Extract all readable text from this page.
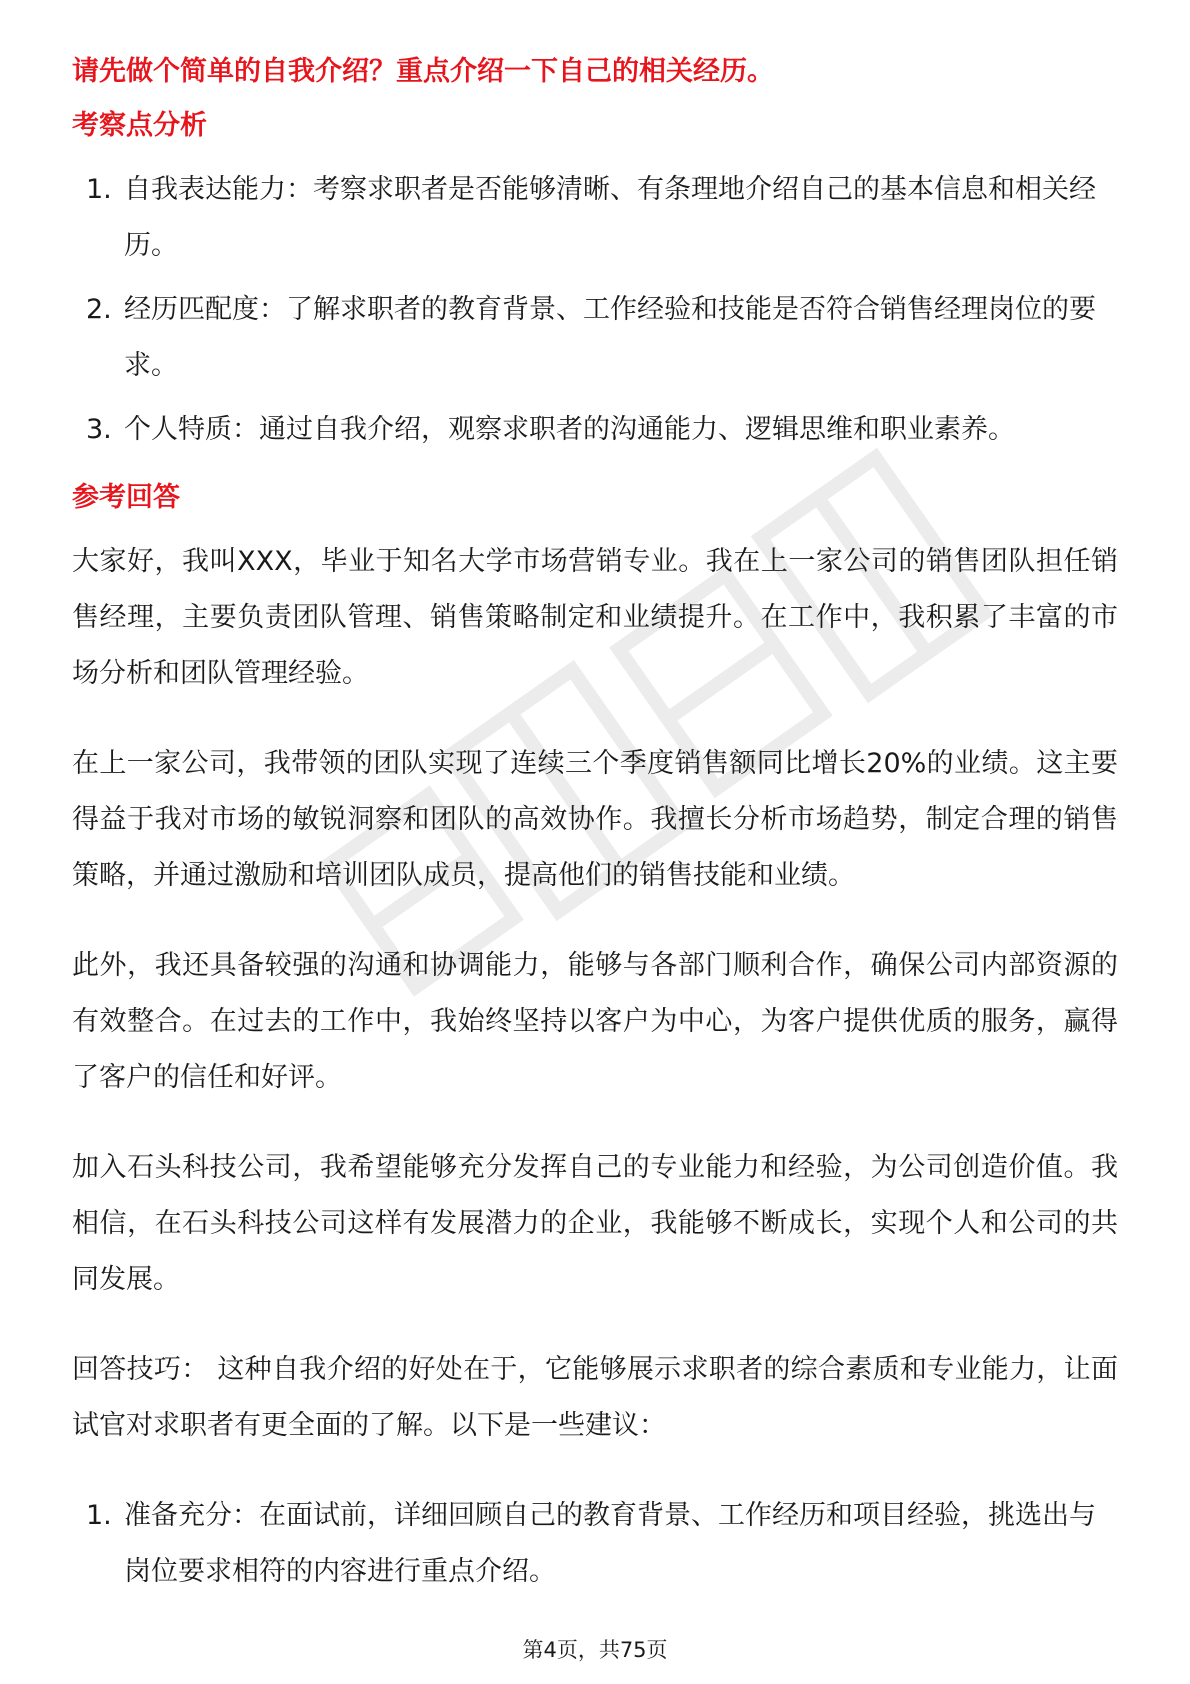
请先做个简单的自我介绍？重点介绍一下自己的相关经历。
考察点分析
1. 自我表达能力：考察求职者是否能够清晰、有条理地介绍自己的基本信息和相关经历。
2. 经历匹配度：了解求职者的教育背景、工作经验和技能是否符合销售经理岗位的要求。
3. 个人特质：通过自我介绍，观察求职者的沟通能力、逻辑思维和职业素养。
参考回答

大家好，我叫XXX，毕业于知名大学市场营销专业。我在上一家公司的销售团队担任销售经理，主要负责团队管理、销售策略制定和业绩提升。在工作中，我积累了丰富的市场分析和团队管理经验。

在上一家公司，我带领的团队实现了连续三个季度销售额同比增长20%的业绩。这主要得益于我对市场的敏锐洞察和团队的高效协作。我擅长分析市场趋势，制定合理的销售策略，并通过激励和培训团队成员，提高他们的销售技能和业绩。

此外，我还具备较强的沟通和协调能力，能够与各部门顺利合作，确保公司内部资源的有效整合。在过去的工作中，我始终坚持以客户为中心，为客户提供优质的服务，赢得了客户的信任和好评。

加入石头科技公司，我希望能够充分发挥自己的专业能力和经验，为公司创造价值。我相信，在石头科技公司这样有发展潜力的企业，我能够不断成长，实现个人和公司的共同发展。

回答技巧： 这种自我介绍的好处在于，它能够展示求职者的综合素质和专业能力，让面试官对求职者有更全面的了解。以下是一些建议：

1. 准备充分：在面试前，详细回顾自己的教育背景、工作经历和项目经验，挑选出与岗位要求相符的内容进行重点介绍。
第4页，共75页
